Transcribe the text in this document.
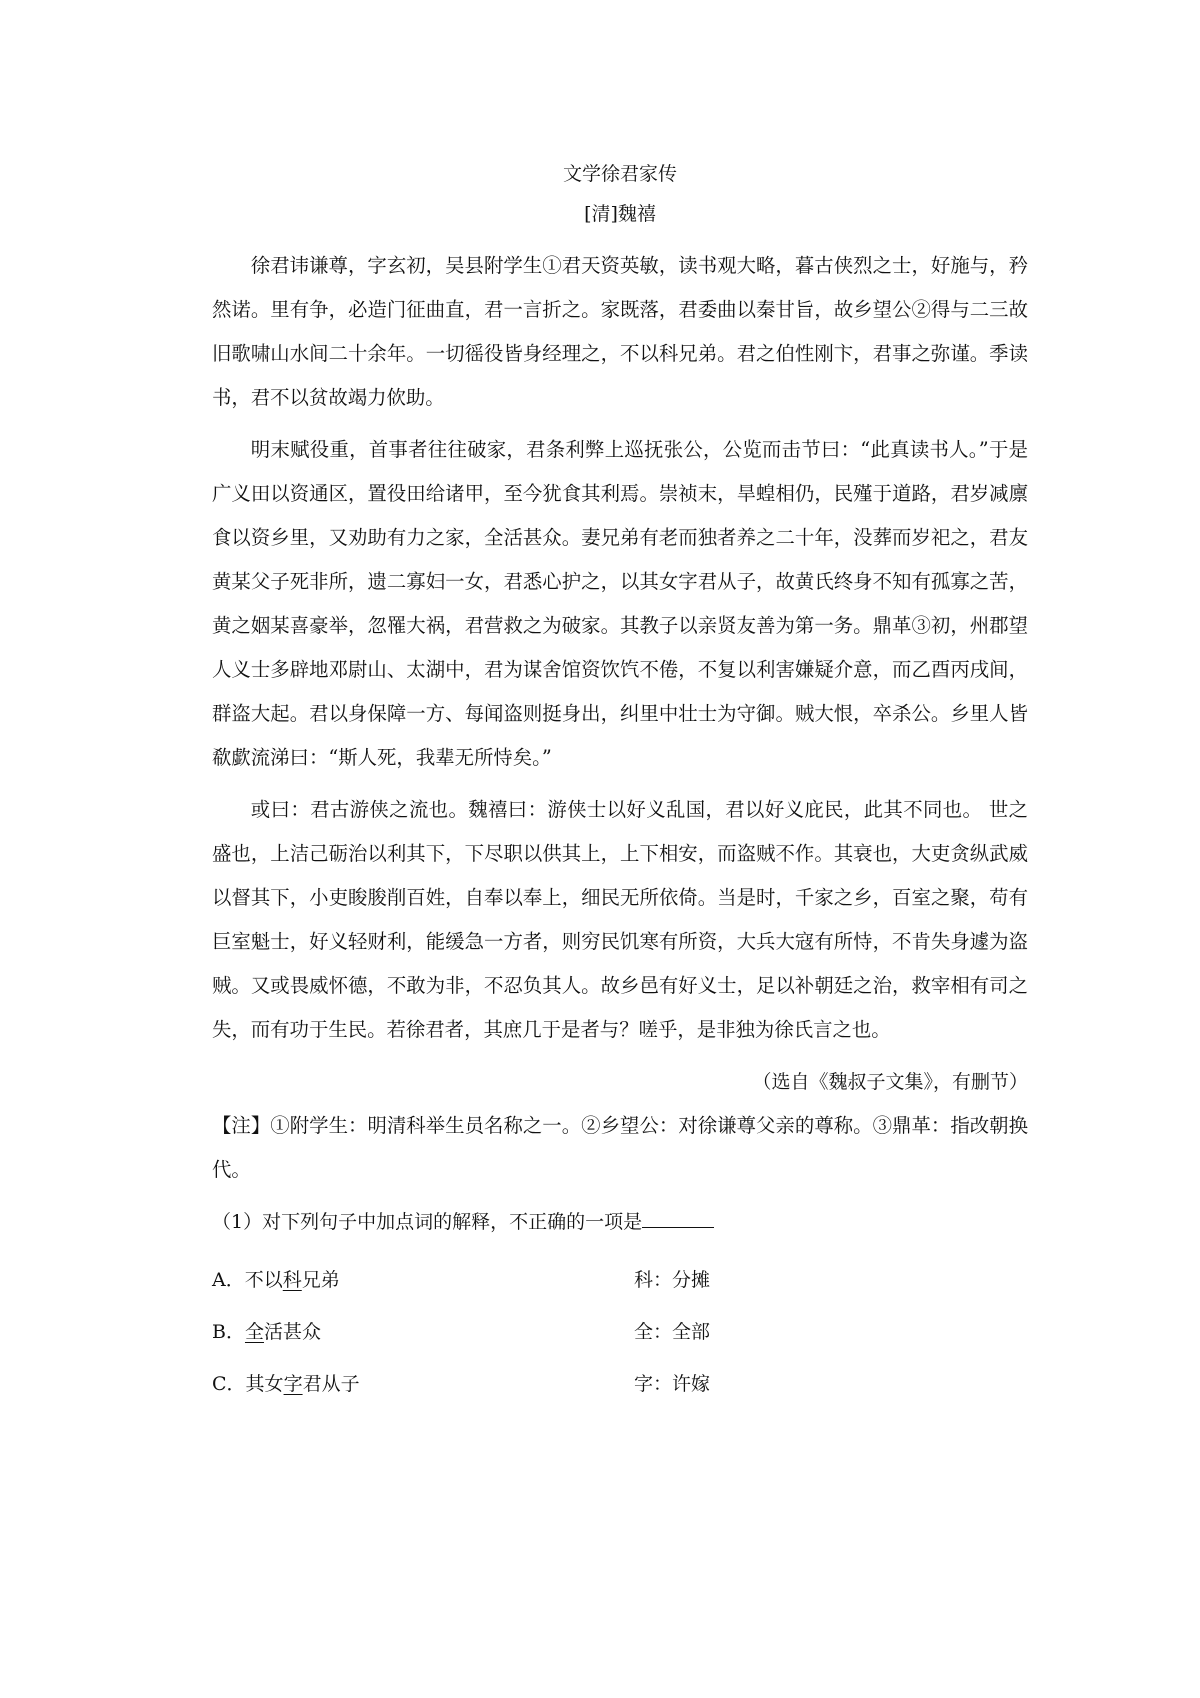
文学徐君家传
[清]魏禧

徐君讳谦尊，字玄初，吴县附学生①君天资英敏，读书观大略，暮古侠烈之士，好施与，矜然诺。里有争，必造门征曲直，君一言折之。家既落，君委曲以秦甘旨，故乡望公②得与二三故旧歌啸山水间二十余年。一切徭役皆身经理之，不以科兄弟。君之伯性刚卞，君事之弥谨。季读书，君不以贫故竭力佽助。

明末赋役重，首事者往往破家，君条利弊上巡抚张公，公览而击节曰：“此真读书人。”于是广义田以资通区，置役田给诸甲，至今犹食其利焉。崇祯末，旱蝗相仍，民殣于道路，君岁减廪食以资乡里，又劝助有力之家，全活甚众。妻兄弟有老而独者养之二十年，没葬而岁祀之，君友黄某父子死非所，遗二寡妇一女，君悉心护之，以其女字君从子，故黄氏终身不知有孤寡之苦，黄之姻某喜豪举，忽罹大祸，君营救之为破家。其教子以亲贤友善为第一务。鼎革③初，州郡望人义士多辟地邓尉山、太湖中，君为谋舍馆资饮饩不倦，不复以利害嫌疑介意，而乙酉丙戌间，群盗大起。君以身保障一方、每闻盗则挺身出，纠里中壮士为守御。贼大恨，卒杀公。乡里人皆欷歔流涕曰：“斯人死，我辈无所恃矣。”

或曰：君古游侠之流也。魏禧曰：游侠士以好义乱国，君以好义庇民，此其不同也。 世之盛也，上洁己砺治以利其下，下尽职以供其上，上下相安，而盗贼不作。其衰也，大吏贪纵武威以督其下，小吏睃朘削百姓，自奉以奉上，细民无所依倚。当是时，千家之乡，百室之聚，苟有巨室魁士，好义轻财利，能缓急一方者，则穷民饥寒有所资，大兵大寇有所恃，不肯失身遽为盗贼。又或畏威怀德，不敢为非，不忍负其人。故乡邑有好义士，足以补朝廷之治，救宰相有司之失，而有功于生民。若徐君者，其庶几于是者与？嗟乎，是非独为徐氏言之也。

（选自《魏叔子文集》，有删节）

【注】①附学生：明清科举生员名称之一。②乡望公：对徐谦尊父亲的尊称。③鼎革：指改朝换代。

（1）对下列句子中加点词的解释，不正确的一项是
A．不以科兄弟	科：分摊
B．全活甚众	全：全部
C．其女字君从子	字：许嫁
